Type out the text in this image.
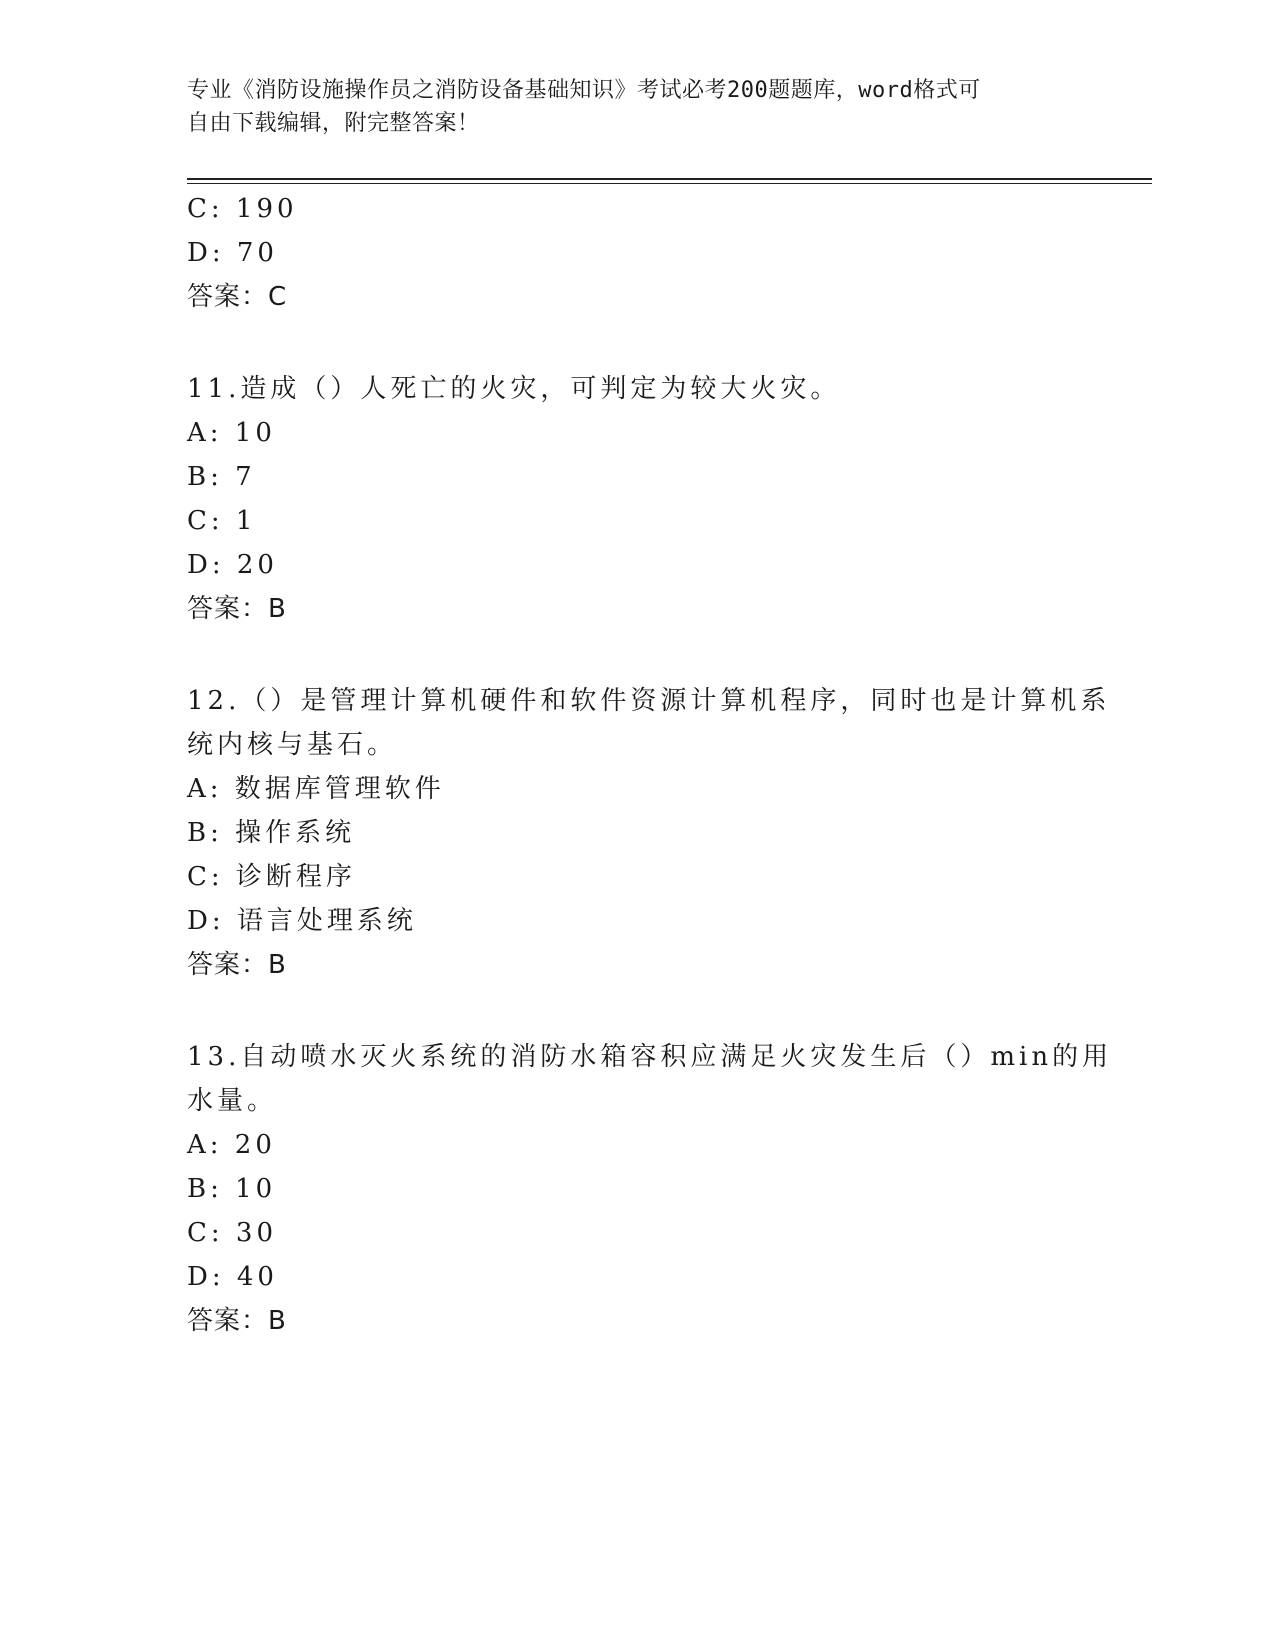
专业《消防设施操作员之消防设备基础知识》考试必考200题题库，word格式可
自由下载编辑，附完整答案！
C: 190
D: 70
答案：C
11.造成（）人死亡的火灾，可判定为较大火灾。
A: 10
B: 7
C: 1
D: 20
答案：B
12.（）是管理计算机硬件和软件资源计算机程序，同时也是计算机系
统内核与基石。
A: 数据库管理软件
B: 操作系统
C: 诊断程序
D: 语言处理系统
答案：B
13.自动喷水灭火系统的消防水箱容积应满足火灾发生后（）min的用
水量。
A: 20
B: 10
C: 30
D: 40
答案：B
